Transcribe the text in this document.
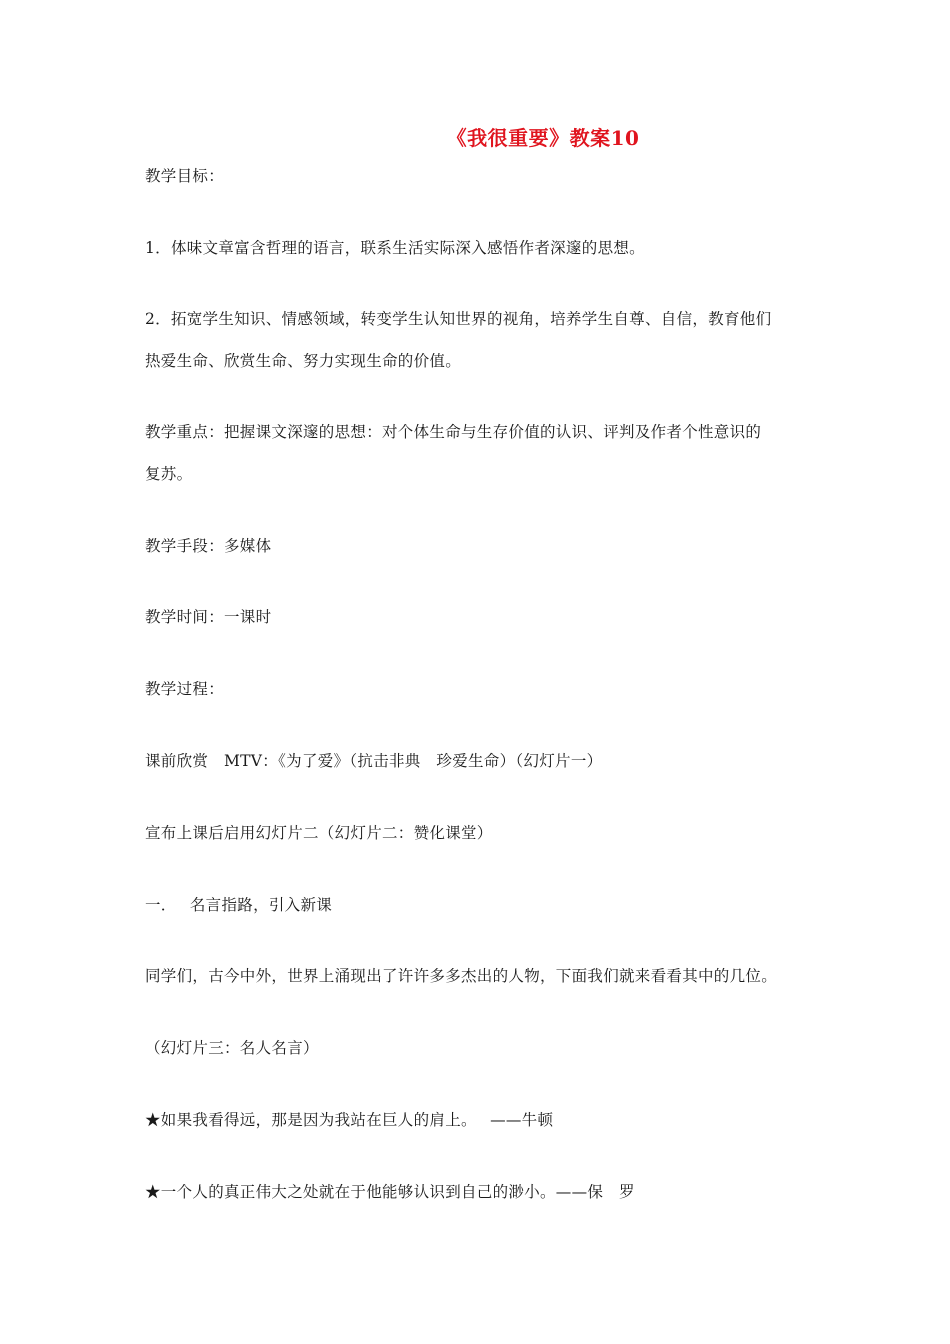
《我很重要》教案10
教学目标：
1．体味文章富含哲理的语言，联系生活实际深入感悟作者深邃的思想。
2．拓宽学生知识、情感领域，转变学生认知世界的视角，培养学生自尊、自信，教育他们
热爱生命、欣赏生命、努力实现生命的价值。
教学重点：把握课文深邃的思想：对个体生命与生存价值的认识、评判及作者个性意识的
复苏。
教学手段：多媒体
教学时间：一课时
教学过程：
课前欣赏　MTV：《为了爱》（抗击非典　珍爱生命）（幻灯片一）
宣布上课后启用幻灯片二（幻灯片二：赞化课堂）
一．　 名言指路，引入新课
同学们，古今中外，世界上涌现出了许许多多杰出的人物，下面我们就来看看其中的几位。
（幻灯片三：名人名言）
★如果我看得远，那是因为我站在巨人的肩上。　 ——牛顿
★一个人的真正伟大之处就在于他能够认识到自己的渺小。——保　罗
